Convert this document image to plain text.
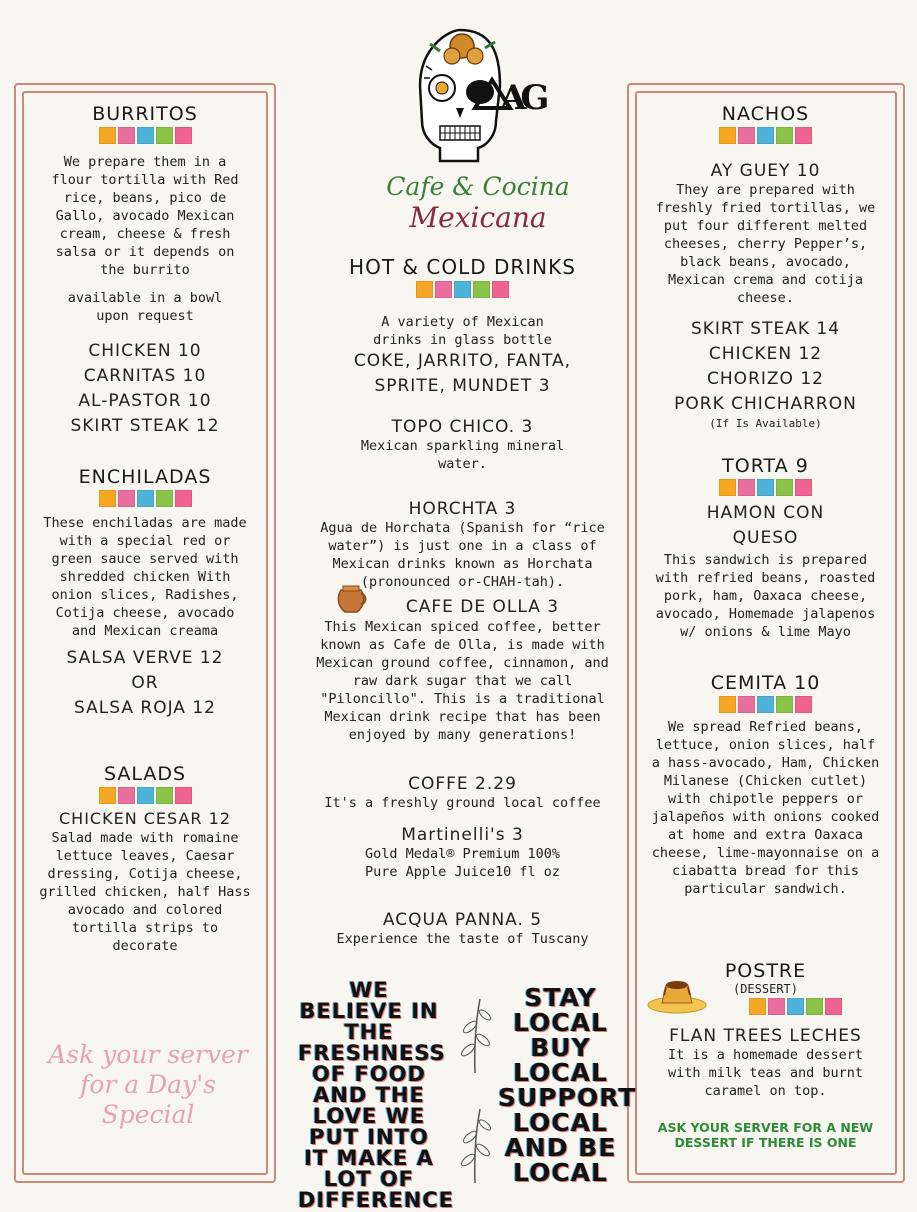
AG
Cafe & Cocina Mexicana
BURRITOS
We prepare them in a flour tortilla with Red rice, beans, pico de Gallo, avocado Mexican cream, cheese & fresh salsa or it depends on the burrito
available in a bowl upon request
CHICKEN 10
CARNITAS 10
AL-PASTOR 10
SKIRT STEAK 12
ENCHILADAS
These enchiladas are made with a special red or green sauce served with shredded chicken With onion slices, Radishes, Cotija cheese, avocado and Mexican creama
SALSA VERVE 12
OR
SALSA ROJA 12
SALADS
CHICKEN CESAR 12
Salad made with romaine lettuce leaves, Caesar dressing, Cotija cheese, grilled chicken, half Hass avocado and colored tortilla strips to decorate
Ask your server for a Day's Special
HOT & COLD DRINKS
A variety of Mexican drinks in glass bottle
COKE, JARRITO, FANTA, SPRITE, MUNDET 3
TOPO CHICO. 3
Mexican sparkling mineral water.
HORCHTA 3
Agua de Horchata (Spanish for “rice water”) is just one in a class of Mexican drinks known as Horchata (pronounced or-CHAH-tah).
CAFE DE OLLA 3
This Mexican spiced coffee, better known as Cafe de Olla, is made with Mexican ground coffee, cinnamon, and raw dark sugar that we call "Piloncillo". This is a traditional Mexican drink recipe that has been enjoyed by many generations!
COFFE 2.29
It's a freshly ground local coffee
Martinelli's 3
Gold Medal® Premium 100% Pure Apple Juice10 fl oz
ACQUA PANNA. 5
Experience the taste of Tuscany
WE BELIEVE IN THE FRESHNESS OF FOOD AND THE LOVE WE PUT INTO IT MAKE A LOT OF DIFFERENCE
STAY LOCAL BUY LOCAL SUPPORT LOCAL AND BE LOCAL
NACHOS
AY GUEY 10
They are prepared with freshly fried tortillas, we put four different melted cheeses, cherry Pepper’s, black beans, avocado, Mexican crema and cotija cheese.
SKIRT STEAK 14
CHICKEN 12
CHORIZO 12
PORK CHICHARRON
(If Is Available)
TORTA 9
HAMON CON QUESO
This sandwich is prepared with refried beans, roasted pork, ham, Oaxaca cheese, avocado, Homemade jalapenos w/ onions & lime Mayo
CEMITA 10
We spread Refried beans, lettuce, onion slices, half a hass-avocado, Ham, Chicken Milanese (Chicken cutlet) with chipotle peppers or jalapeños with onions cooked at home and extra Oaxaca cheese, lime-mayonnaise on a ciabatta bread for this particular sandwich.
POSTRE
(DESSERT)
FLAN TREES LECHES
It is a homemade dessert with milk teas and burnt caramel on top.
ASK YOUR SERVER FOR A NEW DESSERT IF THERE IS ONE
